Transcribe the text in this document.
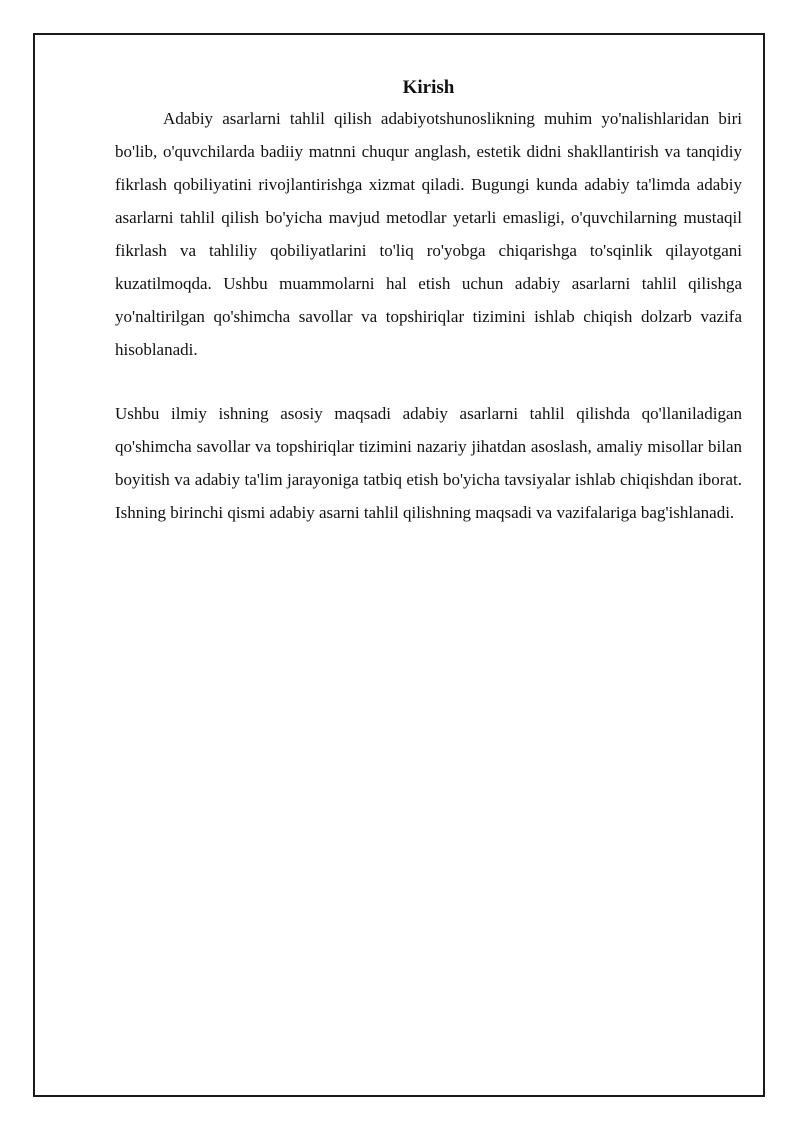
Kirish

Adabiy asarlarni tahlil qilish adabiyotshunoslikning muhim yo'nalishlaridan biri bo'lib, o'quvchilarda badiiy matnni chuqur anglash, estetik didni shakllantirish va tanqidiy fikrlash qobiliyatini rivojlantirishga xizmat qiladi. Bugungi kunda adabiy ta'limda adabiy asarlarni tahlil qilish bo'yicha mavjud metodlar yetarli emasligi, o'quvchilarning mustaqil fikrlash va tahliliy qobiliyatlarini to'liq ro'yobga chiqarishga to'sqinlik qilayotgani kuzatilmoqda. Ushbu muammolarni hal etish uchun adabiy asarlarni tahlil qilishga yo'naltirilgan qo'shimcha savollar va topshiriqlar tizimini ishlab chiqish dolzarb vazifa hisoblanadi.

Ushbu ilmiy ishning asosiy maqsadi adabiy asarlarni tahlil qilishda qo'llaniladigan qo'shimcha savollar va topshiriqlar tizimini nazariy jihatdan asoslash, amaliy misollar bilan boyitish va adabiy ta'lim jarayoniga tatbiq etish bo'yicha tavsiyalar ishlab chiqishdan iborat. Ishning birinchi qismi adabiy asarni tahlil qilishning maqsadi va vazifalariga bag'ishlanadi.
